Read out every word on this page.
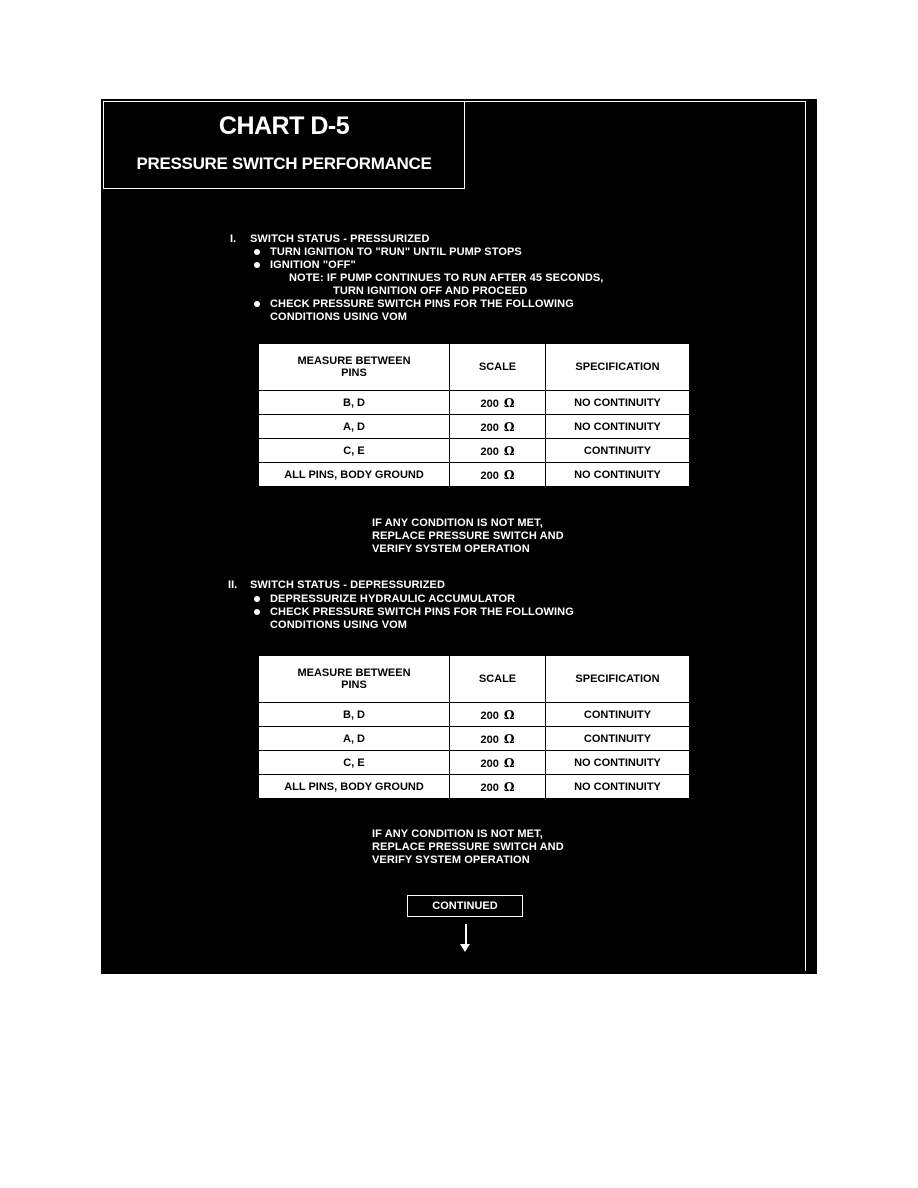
CHART D-5
PRESSURE SWITCH PERFORMANCE
I. SWITCH STATUS - PRESSURIZED
TURN IGNITION TO "RUN" UNTIL PUMP STOPS
IGNITION "OFF"
NOTE: IF PUMP CONTINUES TO RUN AFTER 45 SECONDS,
TURN IGNITION OFF AND PROCEED
CHECK PRESSURE SWITCH PINS FOR THE FOLLOWING
CONDITIONS USING VOM
MEASURE BETWEEN
PINS	SCALE	SPECIFICATION
B, D	200 Ω	NO CONTINUITY
A, D	200 Ω	NO CONTINUITY
C, E	200 Ω	CONTINUITY
ALL PINS, BODY GROUND	200 Ω	NO CONTINUITY
IF ANY CONDITION IS NOT MET,
REPLACE PRESSURE SWITCH AND
VERIFY SYSTEM OPERATION
II. SWITCH STATUS - DEPRESSURIZED
DEPRESSURIZE HYDRAULIC ACCUMULATOR
CHECK PRESSURE SWITCH PINS FOR THE FOLLOWING
CONDITIONS USING VOM
MEASURE BETWEEN
PINS	SCALE	SPECIFICATION
B, D	200 Ω	CONTINUITY
A, D	200 Ω	CONTINUITY
C, E	200 Ω	NO CONTINUITY
ALL PINS, BODY GROUND	200 Ω	NO CONTINUITY
IF ANY CONDITION IS NOT MET,
REPLACE PRESSURE SWITCH AND
VERIFY SYSTEM OPERATION
CONTINUED
